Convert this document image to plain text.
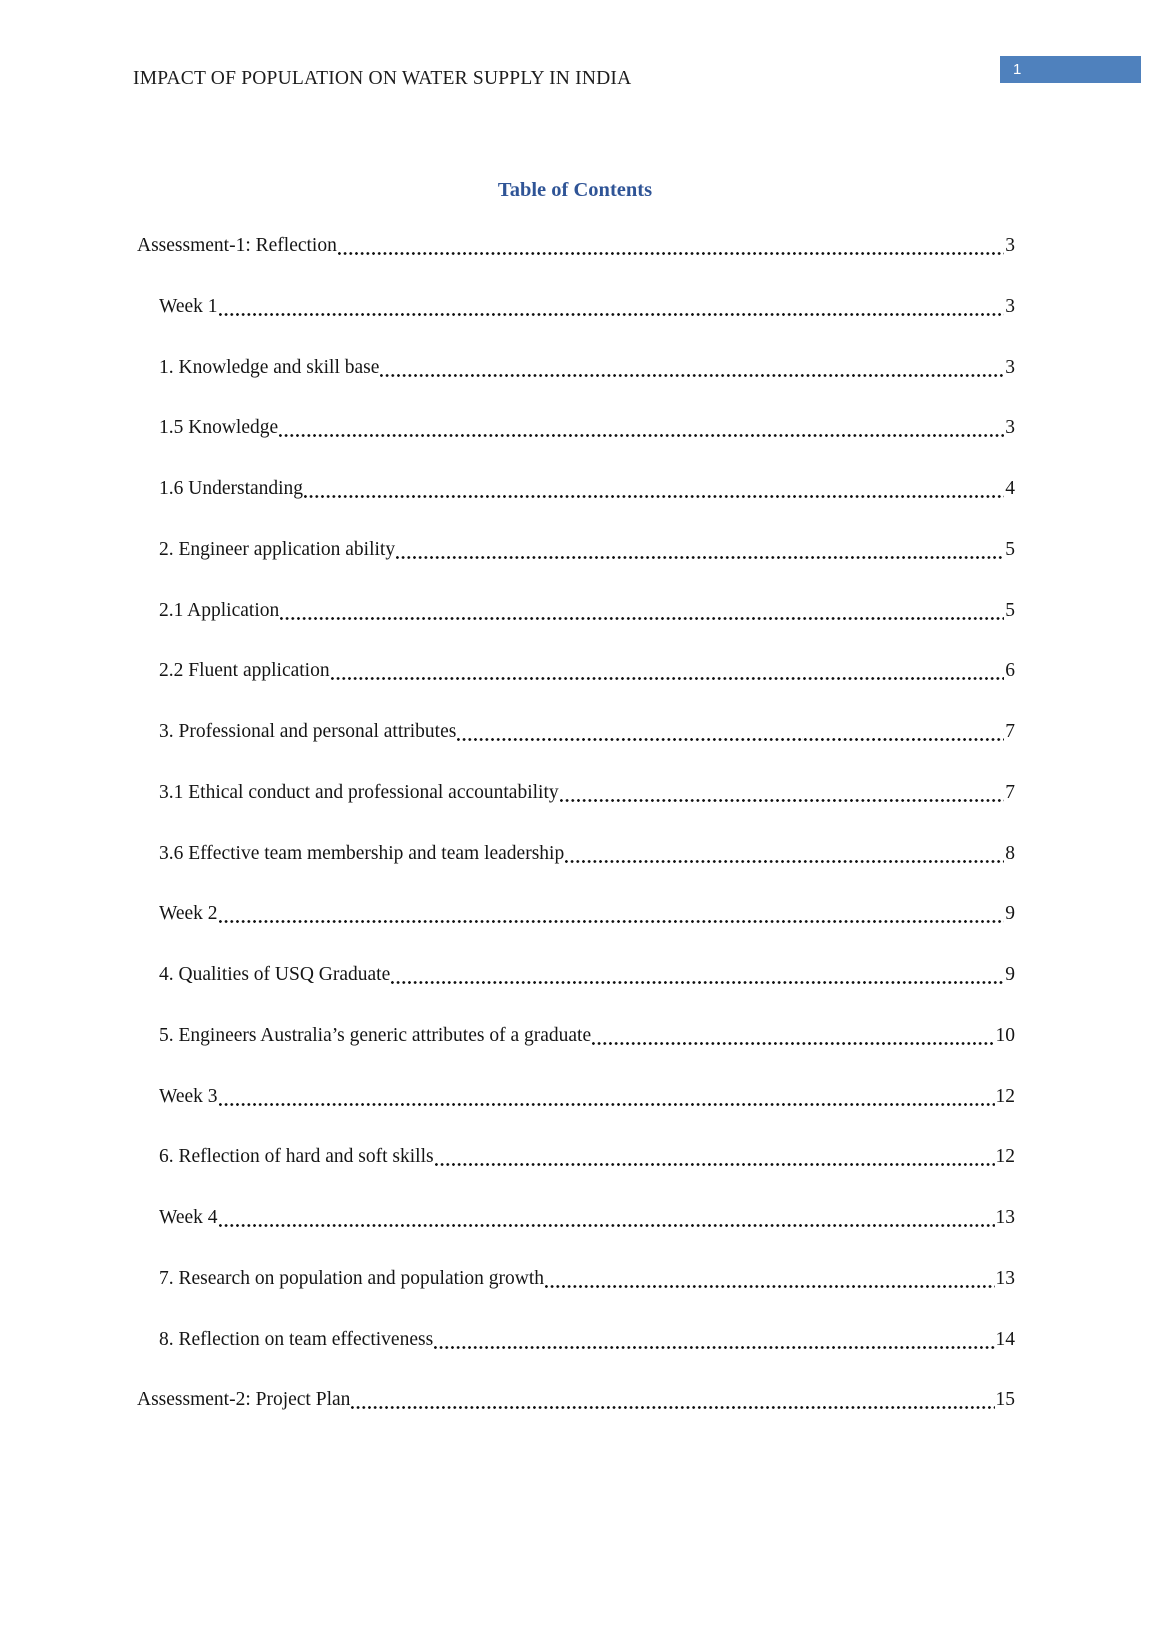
IMPACT OF POPULATION ON WATER SUPPLY IN INDIA	1
Table of Contents
Assessment-1: Reflection	3
Week 1	3
1. Knowledge and skill base	3
1.5 Knowledge	3
1.6 Understanding	4
2. Engineer application ability	5
2.1 Application	5
2.2 Fluent application	6
3. Professional and personal attributes	7
3.1 Ethical conduct and professional accountability	7
3.6 Effective team membership and team leadership	8
Week 2	9
4. Qualities of USQ Graduate	9
5. Engineers Australia’s generic attributes of a graduate	10
Week 3	12
6. Reflection of hard and soft skills	12
Week 4	13
7. Research on population and population growth	13
8. Reflection on team effectiveness	14
Assessment-2: Project Plan	15
